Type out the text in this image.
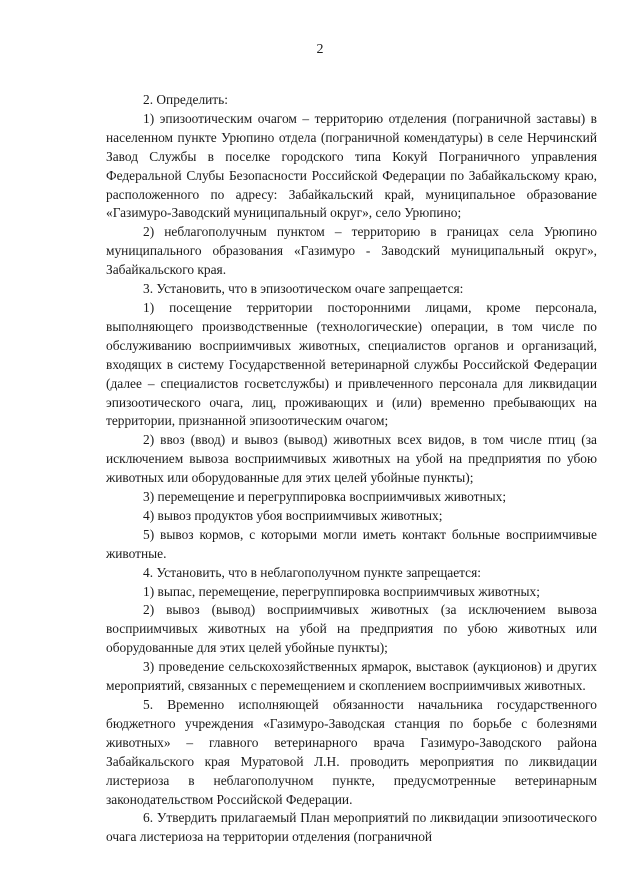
2

2. Определить:

1) эпизоотическим очагом – территорию отделения (пограничной заставы) в населенном пункте Урюпино отдела (пограничной комендатуры) в селе Нерчинский Завод Службы в поселке городского типа Кокуй Пограничного управления Федеральной Слубы Безопасности Российской Федерации по Забайкальскому краю, расположенного по адресу: Забайкальский край, муниципальное образование «Газимуро-Заводский муниципальный округ», село Урюпино;

2) неблагополучным пунктом – территорию в границах села Урюпино муниципального образования «Газимуро - Заводский муниципальный округ», Забайкальского края.

3. Установить, что в эпизоотическом очаге запрещается:

1) посещение территории посторонними лицами, кроме персонала, выполняющего производственные (технологические) операции, в том числе по обслуживанию восприимчивых животных, специалистов органов и организаций, входящих в систему Государственной ветеринарной службы Российской Федерации (далее – специалистов госветслужбы) и привлеченного персонала для ликвидации эпизоотического очага, лиц, проживающих и (или) временно пребывающих на территории, признанной эпизоотическим очагом;

2) ввоз (ввод) и вывоз (вывод) животных всех видов, в том числе птиц (за исключением вывоза восприимчивых животных на убой на предприятия по убою животных или оборудованные для этих целей убойные пункты);

3) перемещение и перегруппировка восприимчивых животных;

4) вывоз продуктов убоя восприимчивых животных;

5) вывоз кормов, с которыми могли иметь контакт больные восприимчивые животные.

4. Установить, что в неблагополучном пункте запрещается:

1) выпас, перемещение, перегруппировка восприимчивых животных;

2) вывоз (вывод) восприимчивых животных (за исключением вывоза восприимчивых животных на убой на предприятия по убою животных или оборудованные для этих целей убойные пункты);

3) проведение сельскохозяйственных ярмарок, выставок (аукционов) и других мероприятий, связанных с перемещением и скоплением восприимчивых животных.

5. Временно исполняющей обязанности начальника государственного бюджетного учреждения «Газимуро-Заводская станция по борьбе с болезнями животных» – главного ветеринарного врача Газимуро-Заводского района Забайкальского края Муратовой Л.Н. проводить мероприятия по ликвидации листериоза в неблагополучном пункте, предусмотренные ветеринарным законодательством Российской Федерации.

6. Утвердить прилагаемый План мероприятий по ликвидации эпизоотического очага листериоза на территории отделения (пограничной
